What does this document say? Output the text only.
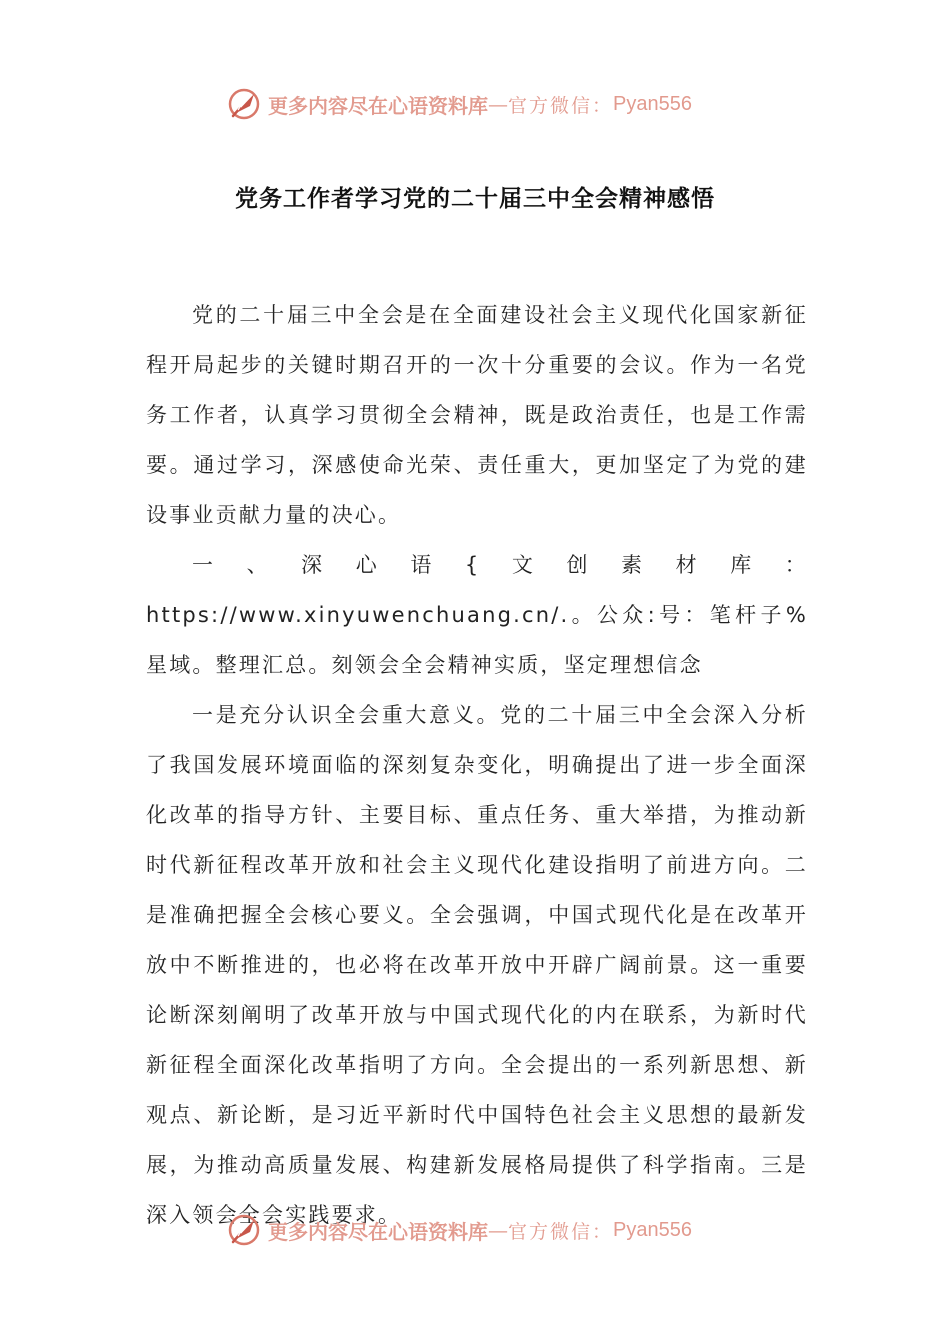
更多内容尽在心语资料库 — 官方微信： Pyan556
党务工作者学习党的二十届三中全会精神感悟

党的二十届三中全会是在全面建设社会主义现代化国家新征程开局起步的关键时期召开的一次十分重要的会议。作为一名党务工作者，认真学习贯彻全会精神，既是政治责任，也是工作需要。通过学习，深感使命光荣、责任重大，更加坚定了为党的建设事业贡献力量的决心。

一、深心语{文创素材库：https://www.xinyuwenchuang.cn/.。公众:号：笔杆子%星域。整理汇总。刻领会全会精神实质，坚定理想信念

一是充分认识全会重大意义。党的二十届三中全会深入分析了我国发展环境面临的深刻复杂变化，明确提出了进一步全面深化改革的指导方针、主要目标、重点任务、重大举措，为推动新时代新征程改革开放和社会主义现代化建设指明了前进方向。二是准确把握全会核心要义。全会强调，中国式现代化是在改革开放中不断推进的，也必将在改革开放中开辟广阔前景。这一重要论断深刻阐明了改革开放与中国式现代化的内在联系，为新时代新征程全面深化改革指明了方向。全会提出的一系列新思想、新观点、新论断，是习近平新时代中国特色社会主义思想的最新发展，为推动高质量发展、构建新发展格局提供了科学指南。三是深入领会全会实践要求。

更多内容尽在心语资料库 — 官方微信： Pyan556
